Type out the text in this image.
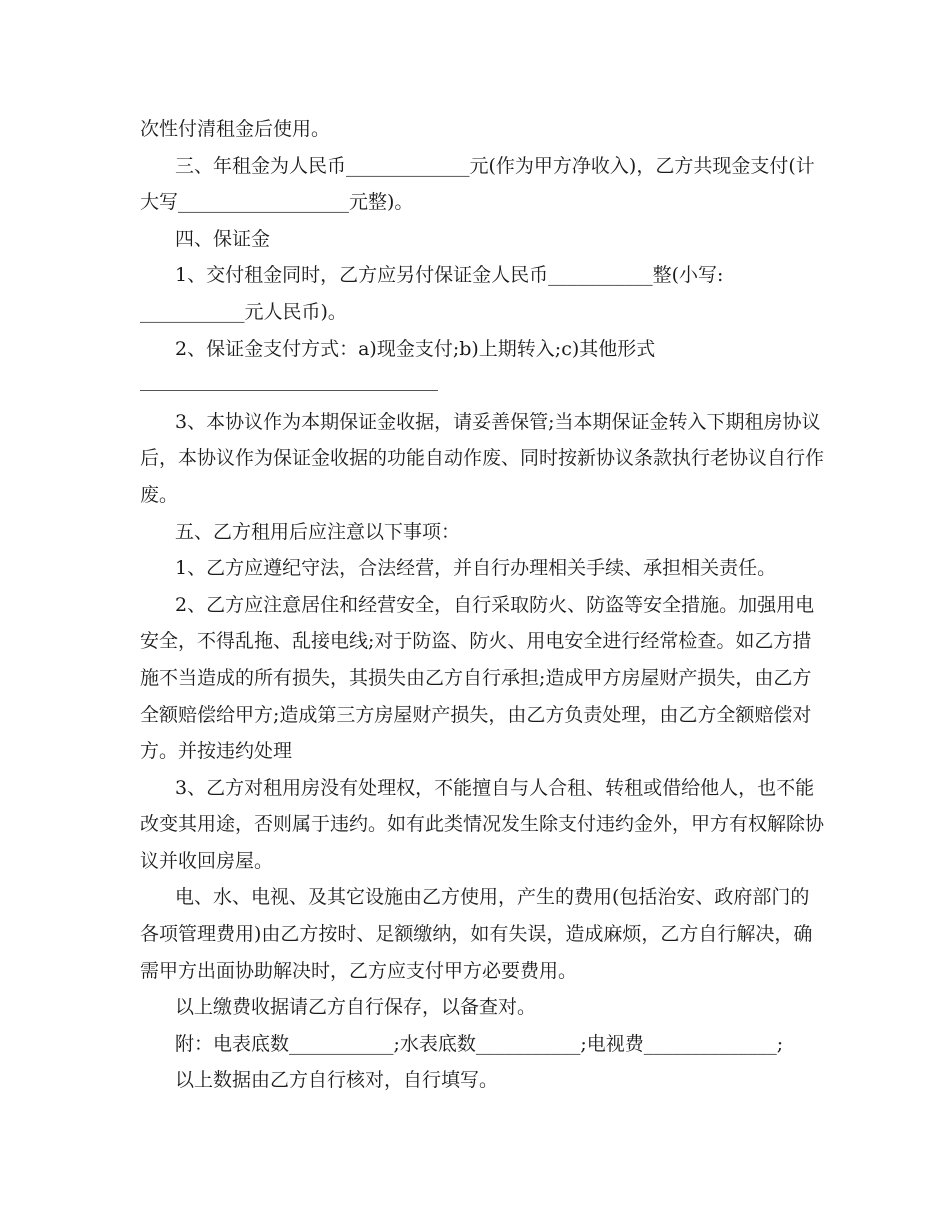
次性付清租金后使用。
三、年租金为人民币_____________元(作为甲方净收入)，乙方共现金支付(计
大写__________________元整)。
四、保证金
1、交付租金同时，乙方应另付保证金人民币___________整(小写:
___________元人民币)。
2、保证金支付方式：a)现金支付;b)上期转入;c)其他形式
3、本协议作为本期保证金收据，请妥善保管;当本期保证金转入下期租房协议
后，本协议作为保证金收据的功能自动作废、同时按新协议条款执行老协议自行作
废。
五、乙方租用后应注意以下事项：
1、乙方应遵纪守法，合法经营，并自行办理相关手续、承担相关责任。
2、乙方应注意居住和经营安全，自行采取防火、防盗等安全措施。加强用电
安全，不得乱拖、乱接电线;对于防盗、防火、用电安全进行经常检查。如乙方措
施不当造成的所有损失，其损失由乙方自行承担;造成甲方房屋财产损失，由乙方
全额赔偿给甲方;造成第三方房屋财产损失，由乙方负责处理，由乙方全额赔偿对
方。并按违约处理
3、乙方对租用房没有处理权，不能擅自与人合租、转租或借给他人，也不能
改变其用途，否则属于违约。如有此类情况发生除支付违约金外，甲方有权解除协
议并收回房屋。
电、水、电视、及其它设施由乙方使用，产生的费用(包括治安、政府部门的
各项管理费用)由乙方按时、足额缴纳，如有失误，造成麻烦，乙方自行解决，确
需甲方出面协助解决时，乙方应支付甲方必要费用。
以上缴费收据请乙方自行保存，以备查对。
附：电表底数___________;水表底数___________;电视费______________;
以上数据由乙方自行核对，自行填写。
